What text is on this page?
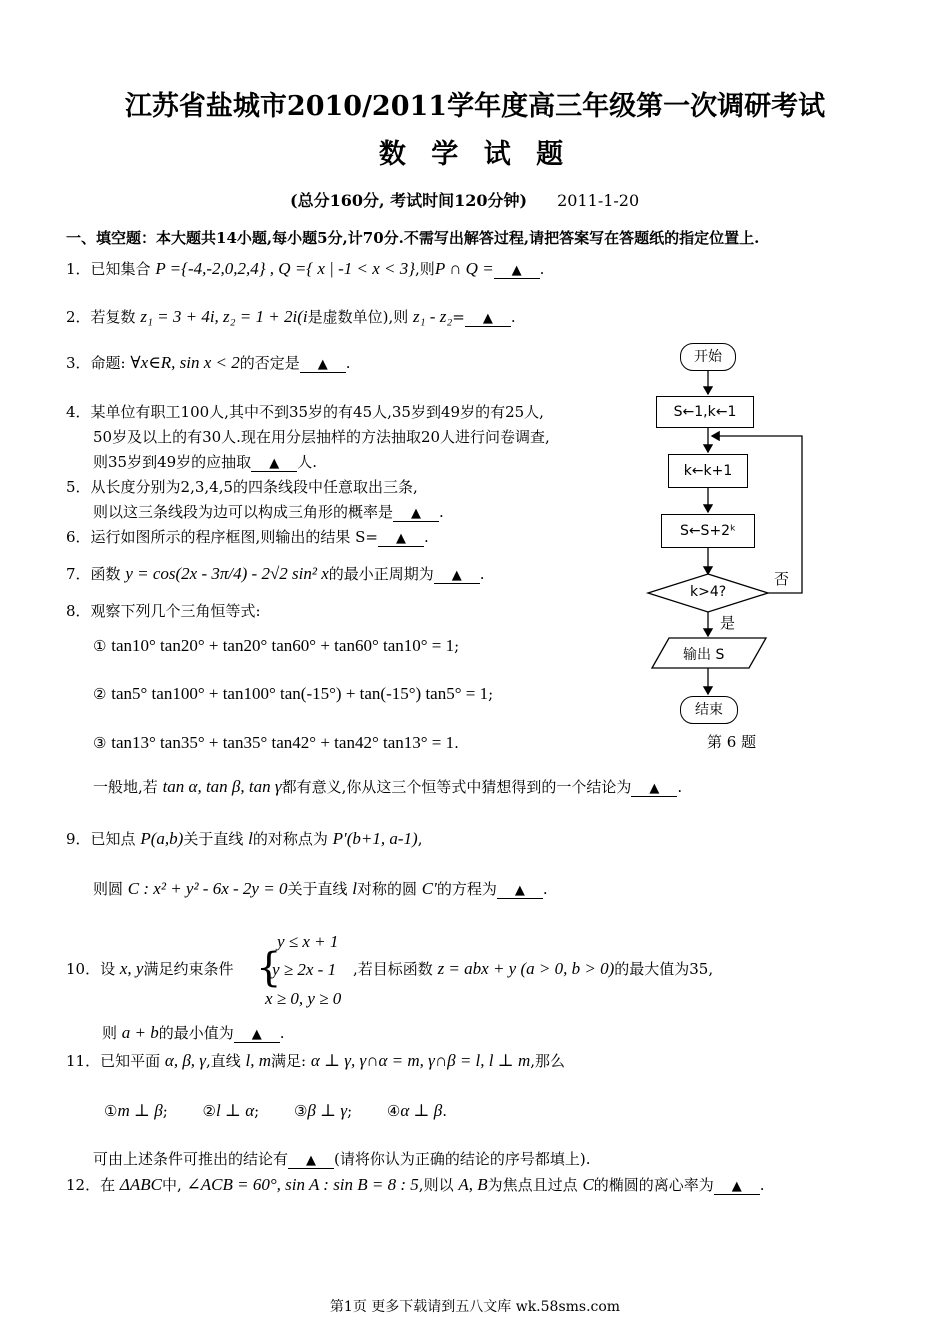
江苏省盐城市2010/2011学年度高三年级第一次调研考试
数 学 试 题
(总分160分, 考试时间120分钟) 2011-1-20
一、填空题：本大题共14小题,每小题5分,计70分.不需写出解答过程,请把答案写在答题纸的指定位置上.
1．已知集合 P ={-4,-2,0,2,4} , Q ={ x | -1 < x < 3},则P ∩ Q = ▲ .
2．若复数 z₁ = 3 + 4i, z₂ = 1 + 2i(i是虚数单位),则 z₁ - z₂= ▲ .
3．命题: ∀x∈R, sin x < 2的否定是 ▲ .
4．某单位有职工100人,其中不到35岁的有45人,35岁到49岁的有25人,
50岁及以上的有30人.现在用分层抽样的方法抽取20人进行问卷调查,
则35岁到49岁的应抽取 ▲ 人.
5．从长度分别为2,3,4,5的四条线段中任意取出三条,
则以这三条线段为边可以构成三角形的概率是 ▲ .
6．运行如图所示的程序框图,则输出的结果 S= ▲ .
7．函数 y = cos(2x - 3π/4) - 2√2 sin² x的最小正周期为 ▲ .
8．观察下列几个三角恒等式:
① tan10° tan20° + tan20° tan60° + tan60° tan10° = 1;
② tan5° tan100° + tan100° tan(-15°) + tan(-15°) tan5° = 1;
③ tan13° tan35° + tan35° tan42° + tan42° tan13° = 1.
一般地,若 tan α, tan β, tan γ都有意义,你从这三个恒等式中猜想得到的一个结论为 ▲ .
9．已知点 P(a,b)关于直线 l的对称点为 P′(b+1, a-1),
则圆 C : x² + y² - 6x - 2y = 0关于直线 l对称的圆 C′的方程为 ▲ .
10．设 x, y满足约束条件 {
y ≤ x + 1
y ≥ 2x - 1
x ≥ 0, y ≥ 0
,若目标函数 z = abx + y (a > 0, b > 0)的最大值为35,
则 a + b的最小值为 ▲ .
11．已知平面 α, β, γ,直线 l, m满足: α ⊥ γ, γ∩α = m, γ∩β = l, l ⊥ m,那么
①m ⊥ β; ②l ⊥ α; ③β ⊥ γ; ④α ⊥ β.
可由上述条件可推出的结论有 ▲ (请将你认为正确的结论的序号都填上).
12．在 ΔABC中, ∠ACB = 60°, sin A : sin B = 8 : 5,则以 A, B为焦点且过点 C的椭圆的离心率为 ▲ .
开始
S←1,k←1
k←k+1
S←S+2ᵏ
k>4?
否
是
输出 S
结束
第 6 题
第1页 更多下载请到五八文库 wk.58sms.com
